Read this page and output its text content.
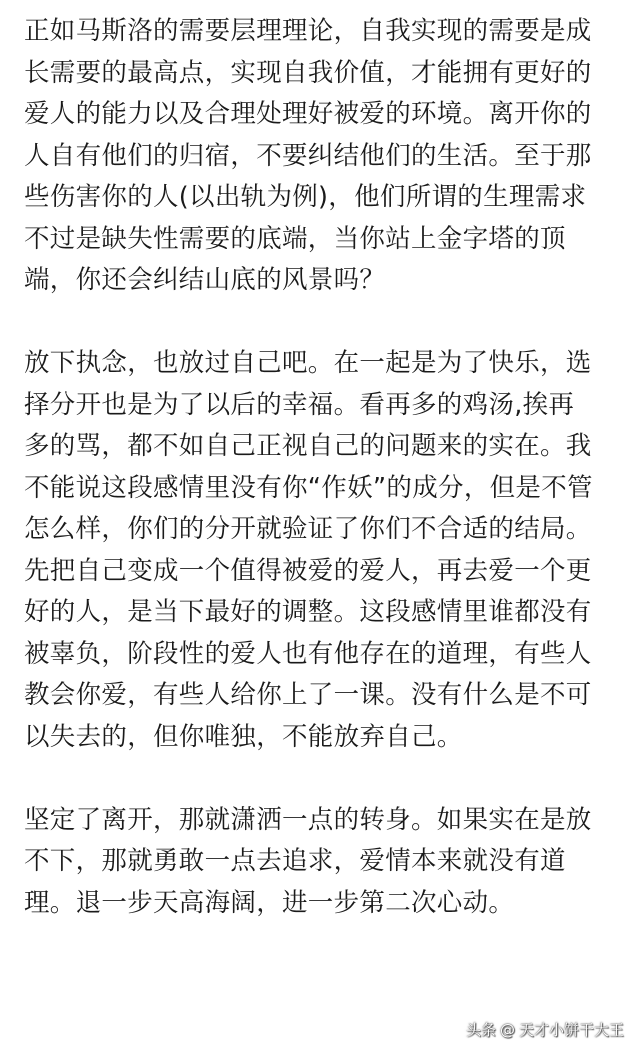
正如马斯洛的需要层理理论，自我实现的需要是成
长需要的最高点，实现自我价值，才能拥有更好的
爱人的能力以及合理处理好被爱的环境。离开你的
人自有他们的归宿，不要纠结他们的生活。至于那
些伤害你的人(以出轨为例)，他们所谓的生理需求
不过是缺失性需要的底端，当你站上金字塔的顶
端，你还会纠结山底的风景吗？
放下执念，也放过自己吧。在一起是为了快乐，选
择分开也是为了以后的幸福。看再多的鸡汤,挨再
多的骂，都不如自己正视自己的问题来的实在。我
不能说这段感情里没有你“作妖”的成分，但是不管
怎么样，你们的分开就验证了你们不合适的结局。
先把自己变成一个值得被爱的爱人，再去爱一个更
好的人，是当下最好的调整。这段感情里谁都没有
被辜负，阶段性的爱人也有他存在的道理，有些人
教会你爱，有些人给你上了一课。没有什么是不可
以失去的，但你唯独，不能放弃自己。
坚定了离开，那就潇洒一点的转身。如果实在是放
不下，那就勇敢一点去追求，爱情本来就没有道
理。退一步天高海阔，进一步第二次心动。
头条 @ 天才小饼干大王
